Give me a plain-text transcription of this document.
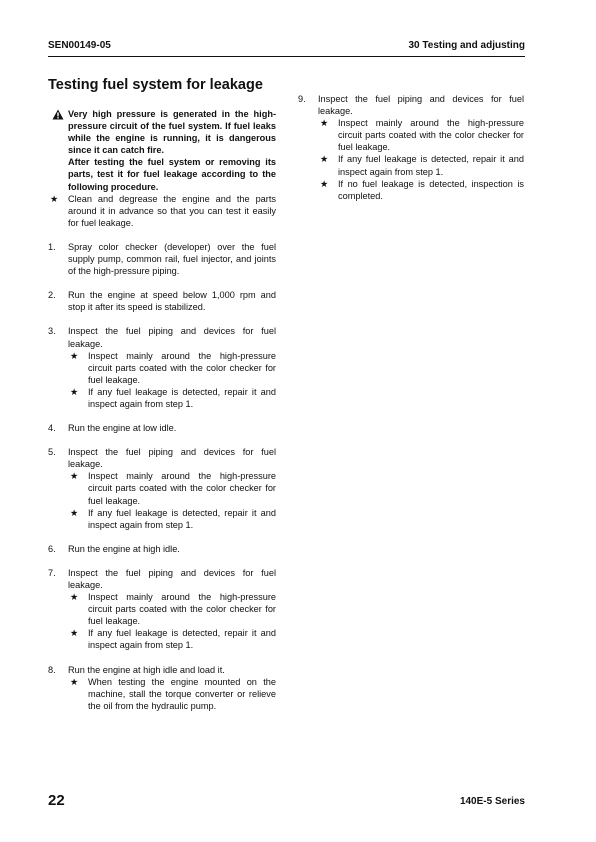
SEN00149-05	30 Testing and adjusting
Testing fuel system for leakage

Very high pressure is generated in the high-pressure circuit of the fuel system. If fuel leaks while the engine is running, it is dangerous since it can catch fire.

After testing the fuel system or removing its parts, test it for fuel leakage according to the following procedure.

★ Clean and degrease the engine and the parts around it in advance so that you can test it easily for fuel leakage.

1. Spray color checker (developer) over the fuel supply pump, common rail, fuel injector, and joints of the high-pressure piping.
2. Run the engine at speed below 1,000 rpm and stop it after its speed is stabilized.
3. Inspect the fuel piping and devices for fuel leakage.
★ Inspect mainly around the high-pressure circuit parts coated with the color checker for fuel leakage.
★ If any fuel leakage is detected, repair it and inspect again from step 1.
4. Run the engine at low idle.
5. Inspect the fuel piping and devices for fuel leakage.
★ Inspect mainly around the high-pressure circuit parts coated with the color checker for fuel leakage.
★ If any fuel leakage is detected, repair it and inspect again from step 1.
6. Run the engine at high idle.
7. Inspect the fuel piping and devices for fuel leakage.
★ Inspect mainly around the high-pressure circuit parts coated with the color checker for fuel leakage.
★ If any fuel leakage is detected, repair it and inspect again from step 1.
8. Run the engine at high idle and load it.
★ When testing the engine mounted on the machine, stall the torque converter or relieve the oil from the hydraulic pump.
9. Inspect the fuel piping and devices for fuel leakage.
★ Inspect mainly around the high-pressure circuit parts coated with the color checker for fuel leakage.
★ If any fuel leakage is detected, repair it and inspect again from step 1.
★ If no fuel leakage is detected, inspection is completed.
22	140E-5 Series
